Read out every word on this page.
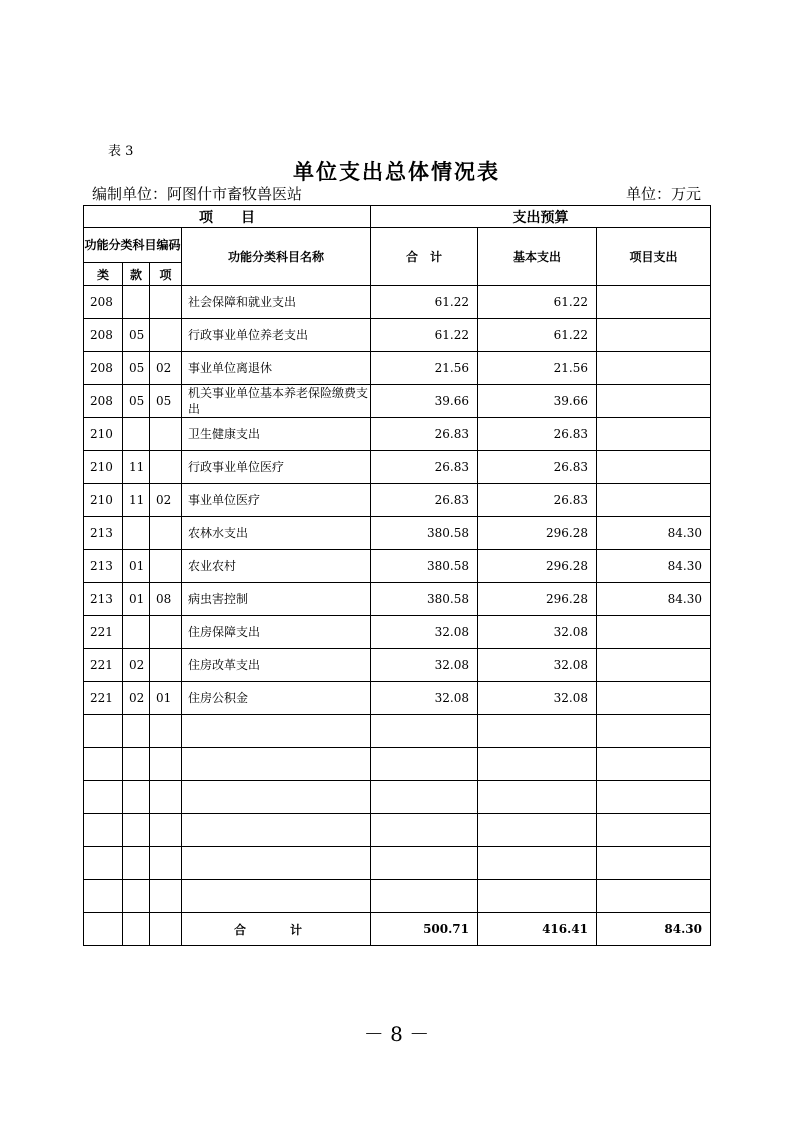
表 3
单位支出总体情况表
编制单位：阿图什市畜牧兽医站	单位：万元
项　　目				支出预算		
功能分类科目编码			功能分类科目名称	合　计	基本支出	项目支出
类	款	项				
208			社会保障和就业支出	61.22	61.22	
208	05		行政事业单位养老支出	61.22	61.22	
208	05	02	事业单位离退休	21.56	21.56	
208	05	05	机关事业单位基本养老保险缴费支出	39.66	39.66	
210			卫生健康支出	26.83	26.83	
210	11		行政事业单位医疗	26.83	26.83	
210	11	02	事业单位医疗	26.83	26.83	
213			农林水支出	380.58	296.28	84.30
213	01		农业农村	380.58	296.28	84.30
213	01	08	病虫害控制	380.58	296.28	84.30
221			住房保障支出	32.08	32.08	
221	02		住房改革支出	32.08	32.08	
221	02	01	住房公积金	32.08	32.08	

			合　计	500.71	416.41	84.30
－ 8 －
